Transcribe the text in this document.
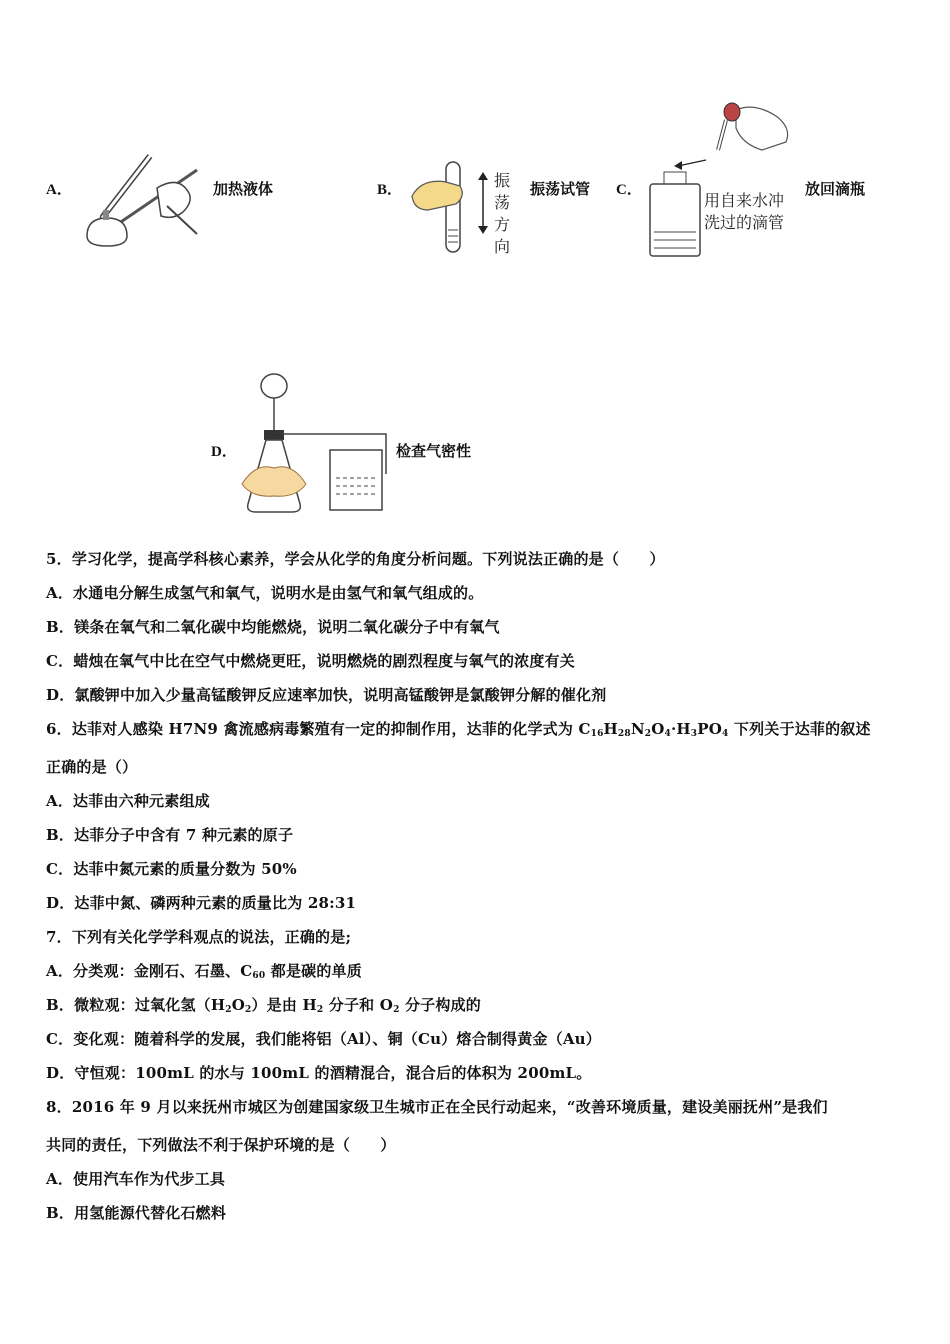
A．	加热液体	B．	振
荡
方
向
振荡试管 C．
用自来水冲
洗过的滴管
放回滴瓶
D．	检查气密性
5．学习化学，提高学科核心素养，学会从化学的角度分析问题。下列说法正确的是（　　）
A．水通电分解生成氢气和氧气，说明水是由氢气和氧气组成的。
B．镁条在氧气和二氧化碳中均能燃烧，说明二氧化碳分子中有氧气
C．蜡烛在氧气中比在空气中燃烧更旺，说明燃烧的剧烈程度与氧气的浓度有关
D．氯酸钾中加入少量高锰酸钾反应速率加快，说明高锰酸钾是氯酸钾分解的催化剂
6．达菲对人感染 H7N9 禽流感病毒繁殖有一定的抑制作用，达菲的化学式为 $C_{16}H_{28}N_2O_4\cdot H_3PO_4$ 下列关于达菲的叙述
正确的是（）
A．达菲由六种元素组成
B．达菲分子中含有 7 种元素的原子
C．达菲中氮元素的质量分数为 50%
D．达菲中氮、磷两种元素的质量比为 28:31
7．下列有关化学学科观点的说法，正确的是;
A．分类观：金刚石、石墨、$C_{60}$ 都是碳的单质
B．微粒观：过氧化氢$(H_2O_2)$是由 $H_2$ 分子和 $O_2$ 分子构成的
C．变化观：随着科学的发展，我们能将铝（Al）、铜（Cu）熔合制得黄金（Au）
D．守恒观：100mL 的水与 100mL 的酒精混合，混合后的体积为 200mL。
8．2016 年 9 月以来抚州市城区为创建国家级卫生城市正在全民行动起来，“改善环境质量，建设美丽抚州”是我们
共同的责任，下列做法不利于保护环境的是（　　）
A．使用汽车作为代步工具
B．用氢能源代替化石燃料
